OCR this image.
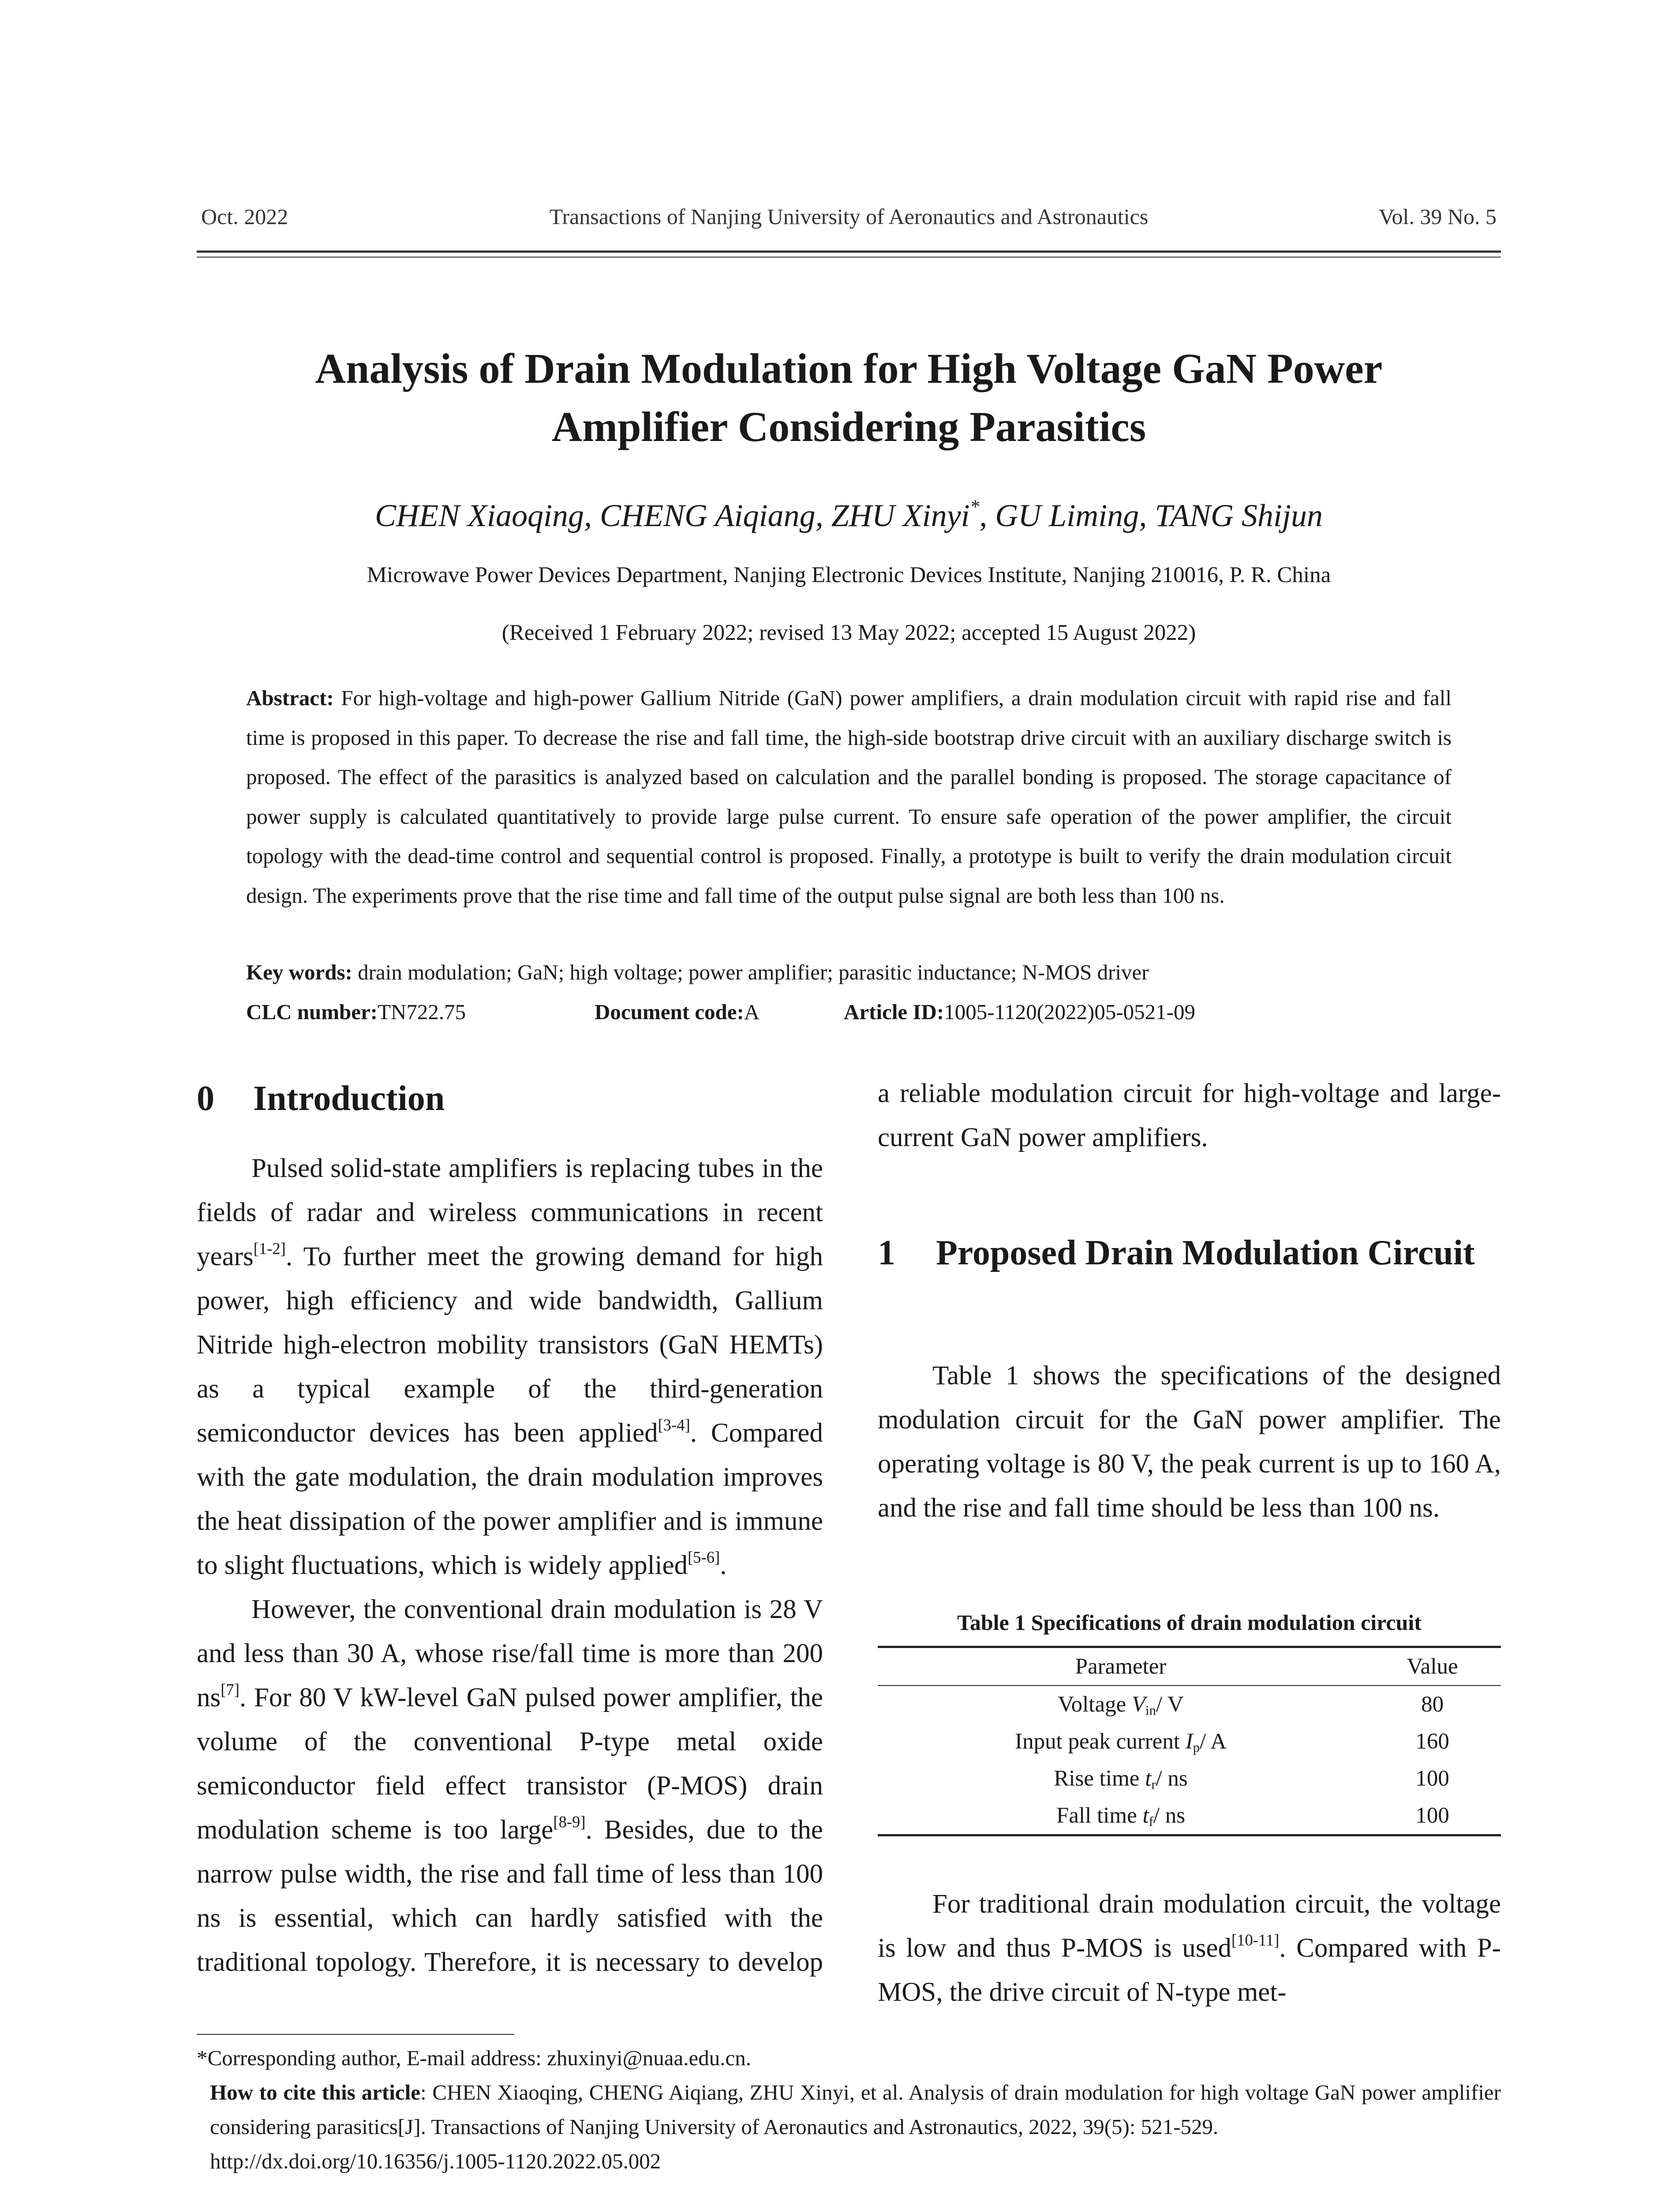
Transactions of Nanjing University of Aeronautics and Astronautics
Oct. 2022	Vol. 39 No. 5
Analysis of Drain Modulation for High Voltage GaN Power
Amplifier Considering Parasitics
CHEN Xiaoqing, CHENG Aiqiang, ZHU Xinyi*, GU Liming, TANG Shijun
Microwave Power Devices Department, Nanjing Electronic Devices Institute, Nanjing 210016, P. R. China
(Received 1 February 2022; revised 13 May 2022; accepted 15 August 2022)
Abstract: For high-voltage and high-power Gallium Nitride (GaN) power amplifiers, a drain modulation circuit with rapid rise and fall time is proposed in this paper. To decrease the rise and fall time, the high-side bootstrap drive circuit with an auxiliary discharge switch is proposed. The effect of the parasitics is analyzed based on calculation and the parallel bonding is proposed. The storage capacitance of power supply is calculated quantitatively to provide large pulse current. To ensure safe operation of the power amplifier, the circuit topology with the dead-time control and sequential control is proposed. Finally, a prototype is built to verify the drain modulation circuit design. The experiments prove that the rise time and fall time of the output pulse signal are both less than 100 ns.
Key words: drain modulation; GaN; high voltage; power amplifier; parasitic inductance; N-MOS driver
CLC number:TN722.75	Document code:A	Article ID:1005-1120(2022)05-0521-09
0 Introduction

Pulsed solid-state amplifiers is replacing tubes in the fields of radar and wireless communications in recent years[1-2]. To further meet the growing demand for high power, high efficiency and wide bandwidth, Gallium Nitride high-electron mobility transistors (GaN HEMTs) as a typical example of the third-generation semiconductor devices has been applied[3-4]. Compared with the gate modulation, the drain modulation improves the heat dissipation of the power amplifier and is immune to slight fluctuations, which is widely applied[5-6].

However, the conventional drain modulation is 28 V and less than 30 A, whose rise/fall time is more than 200 ns[7]. For 80 V kW-level GaN pulsed power amplifier, the volume of the conventional P-type metal oxide semiconductor field effect transistor (P-MOS) drain modulation scheme is too large[8-9]. Besides, due to the narrow pulse width, the rise and fall time of less than 100 ns is essential, which can hardly satisfied with the traditional topology. Therefore, it is necessary to develop

a reliable modulation circuit for high-voltage and large-current GaN power amplifiers.

1	Proposed Drain Modulation Circuit

Table 1 shows the specifications of the designed modulation circuit for the GaN power amplifier. The operating voltage is 80 V, the peak current is up to 160 A, and the rise and fall time should be less than 100 ns.

Table 1 Specifications of drain modulation circuit
Parameter	Value
Voltage $V_{in}/$ V	80
Input peak current $I_p/$ A	160
Rise time $t_r/$ ns	100
Fall time $t_f/$ ns	100

For traditional drain modulation circuit, the voltage is low and thus P-MOS is used[10-11]. Compared with P-MOS, the drive circuit of N-type met-

*Corresponding author, E-mail address: zhuxinyi@nuaa.edu.cn.

How to cite this article: CHEN Xiaoqing, CHENG Aiqiang, ZHU Xinyi, et al. Analysis of drain modulation for high voltage GaN power amplifier considering parasitics[J]. Transactions of Nanjing University of Aeronautics and Astronautics, 2022, 39(5): 521-529.

http://dx.doi.org/10.16356/j.1005-1120.2022.05.002
